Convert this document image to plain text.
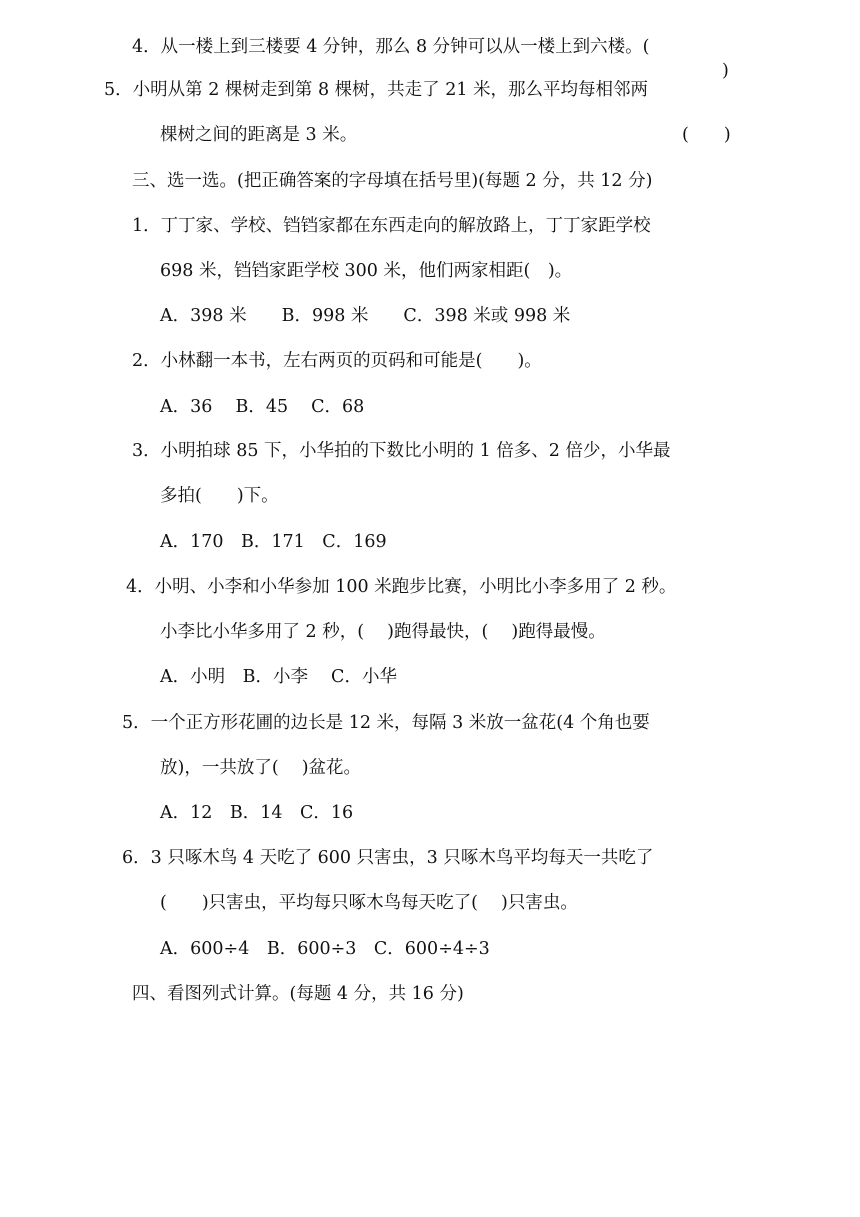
4．从一楼上到三楼要 4 分钟，那么 8 分钟可以从一楼上到六楼。(
)
5．小明从第 2 棵树走到第 8 棵树，共走了 21 米，那么平均每相邻两
棵树之间的距离是 3 米。	(　　)
三、选一选。(把正确答案的字母填在括号里)(每题 2 分，共 12 分)
1．丁丁家、学校、铛铛家都在东西走向的解放路上，丁丁家距学校
698 米，铛铛家距学校 300 米，他们两家相距(　)。
A．398 米　　B．998 米　　C．398 米或 998 米
2．小林翻一本书，左右两页的页码和可能是(　　)。
A．36　 B．45　 C．68
3．小明拍球 85 下，小华拍的下数比小明的 1 倍多、2 倍少，小华最
多拍(　　)下。
A．170　B．171　C．169
4．小明、小李和小华参加 100 米跑步比赛，小明比小李多用了 2 秒。
小李比小华多用了 2 秒，(　 )跑得最快，(　 )跑得最慢。
A．小明　B．小李　 C．小华
5．一个正方形花圃的边长是 12 米，每隔 3 米放一盆花(4 个角也要
放)，一共放了(　 )盆花。
A．12　B．14　C．16
6．3 只啄木鸟 4 天吃了 600 只害虫，3 只啄木鸟平均每天一共吃了
(　　)只害虫，平均每只啄木鸟每天吃了(　 )只害虫。
A．600÷4　B．600÷3　C．600÷4÷3
四、看图列式计算。(每题 4 分，共 16 分)
